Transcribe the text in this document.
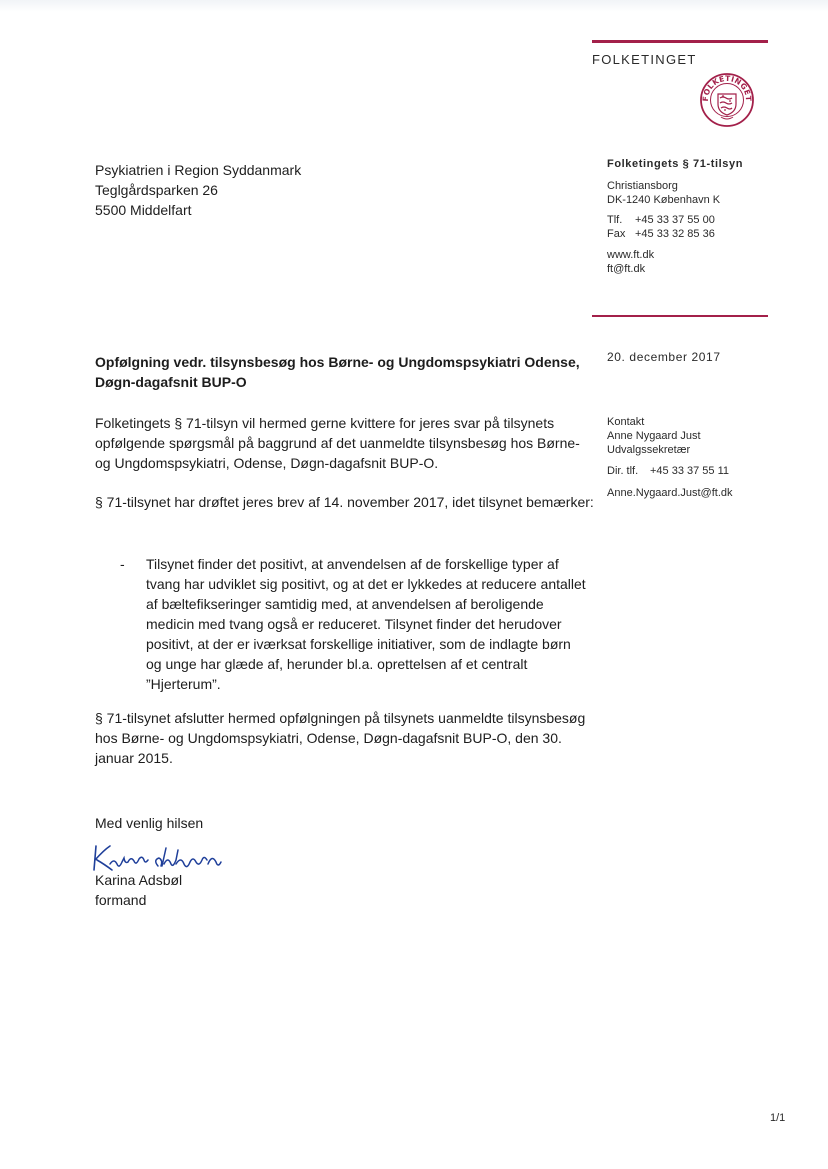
FOLKETINGET
FOLKETINGET
Psykiatrien i Region Syddanmark
Teglgårdsparken 26
5500 Middelfart
Folketingets § 71-tilsyn
Christiansborg
DK-1240 København K
Tlf. +45 33 37 55 00
Fax +45 33 32 85 36
www.ft.dk
ft@ft.dk
20. december 2017
Kontakt
Anne Nygaard Just
Udvalgssekretær
Dir. tlf. +45 33 37 55 11
Anne.Nygaard.Just@ft.dk
Opfølgning vedr. tilsynsbesøg hos Børne- og Ungdomspsykiatri Odense, Døgn-dagafsnit BUP-O
Folketingets § 71-tilsyn vil hermed gerne kvittere for jeres svar på tilsynets opfølgende spørgsmål på baggrund af det uanmeldte tilsynsbesøg hos Børne- og Ungdomspsykiatri, Odense, Døgn-dagafsnit BUP-O.
§ 71-tilsynet har drøftet jeres brev af 14. november 2017, idet tilsynet bemærker:
- Tilsynet finder det positivt, at anvendelsen af de forskellige typer af tvang har udviklet sig positivt, og at det er lykkedes at reducere antallet af bæltefikseringer samtidig med, at anvendelsen af beroligende medicin med tvang også er reduceret. Tilsynet finder det herudover positivt, at der er iværksat forskellige initiativer, som de indlagte børn og unge har glæde af, herunder bl.a. oprettelsen af et centralt ”Hjerterum”.
§ 71-tilsynet afslutter hermed opfølgningen på tilsynets uanmeldte tilsynsbesøg hos Børne- og Ungdomspsykiatri, Odense, Døgn-dagafsnit BUP-O, den 30. januar 2015.
Med venlig hilsen
Karina Adsbøl
formand
1/1
